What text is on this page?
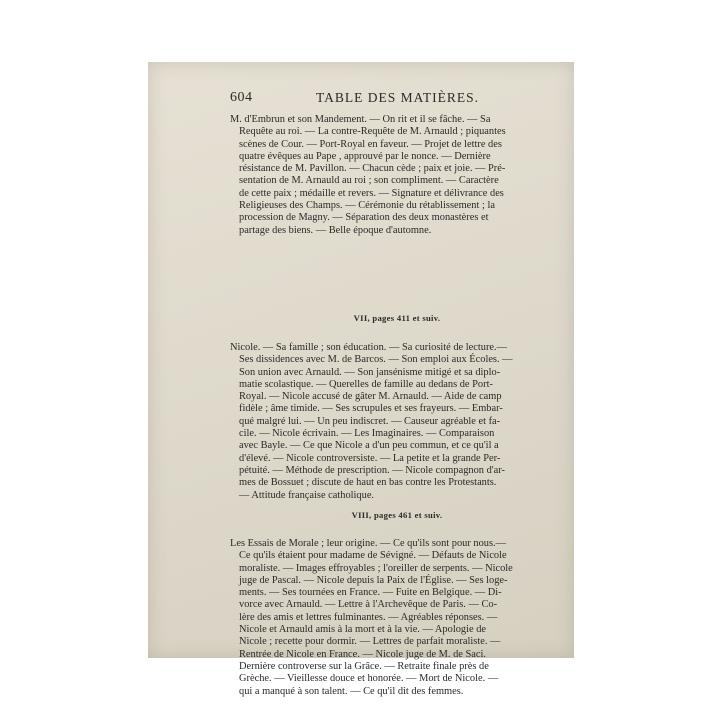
604	TABLE DES MATIÈRES.
M. d'Embrun et son Mandement. — On rit et il se fâche. — Sa
Requête au roi. — La contre-Requête de M. Arnauld ; piquantes
scènes de Cour. — Port-Royal en faveur. — Projet de lettre des
quatre évêques au Pape , approuvé par le nonce. — Dernière
résistance de M. Pavillon. — Chacun cède ; paix et joie. — Pré-
sentation de M. Arnauld au roi ; son compliment. — Caractère
de cette paix ; médaille et revers. — Signature et délivrance des
Religieuses des Champs. — Cérémonie du rétablissement ; la
procession de Magny. — Séparation des deux monastères et
partage des biens. — Belle époque d'automne.
VII, pages 411 et suiv.
Nicole. — Sa famille ; son éducation. — Sa curiosité de lecture.—
Ses dissidences avec M. de Barcos. — Son emploi aux Écoles. —
Son union avec Arnauld. — Son jansénisme mitigé et sa diplo-
matie scolastique. — Querelles de famille au dedans de Port-
Royal. — Nicole accusé de gâter M. Arnauld. — Aide de camp
fidèle ; âme timide. — Ses scrupules et ses frayeurs. — Embar-
qué malgré lui. — Un peu indiscret. — Causeur agréable et fa-
cile. — Nicole écrivain. — Les Imaginaires. — Comparaison
avec Bayle. — Ce que Nicole a d'un peu commun, et ce qu'il a
d'élevé. — Nicole controversiste. — La petite et la grande Per-
pétuité. — Méthode de prescription. — Nicole compagnon d'ar-
mes de Bossuet ; discute de haut en bas contre les Protestants.
— Attitude française catholique.
VIII, pages 461 et suiv.
Les Essais de Morale ; leur origine. — Ce qu'ils sont pour nous.—
Ce qu'ils étaient pour madame de Sévigné. — Défauts de Nicole
moraliste. — Images effroyables ; l'oreiller de serpents. — Nicole
juge de Pascal. — Nicole depuis la Paix de l'Église. — Ses loge-
ments. — Ses tournées en France. — Fuite en Belgique. — Di-
vorce avec Arnauld. — Lettre à l'Archevêque de Paris. — Co-
lère des amis et lettres fulminantes. — Agréables réponses. —
Nicole et Arnauld amis à la mort et à la vie. — Apologie de
Nicole ; recette pour dormir. — Lettres de parfait moraliste. —
Rentrée de Nicole en France. — Nicole juge de M. de Saci.
Dernière controverse sur la Grâce. — Retraite finale près de
Grèche. — Vieillesse douce et honorée. — Mort de Nicole. —
qui a manqué à son talent. — Ce qu'il dit des femmes.
